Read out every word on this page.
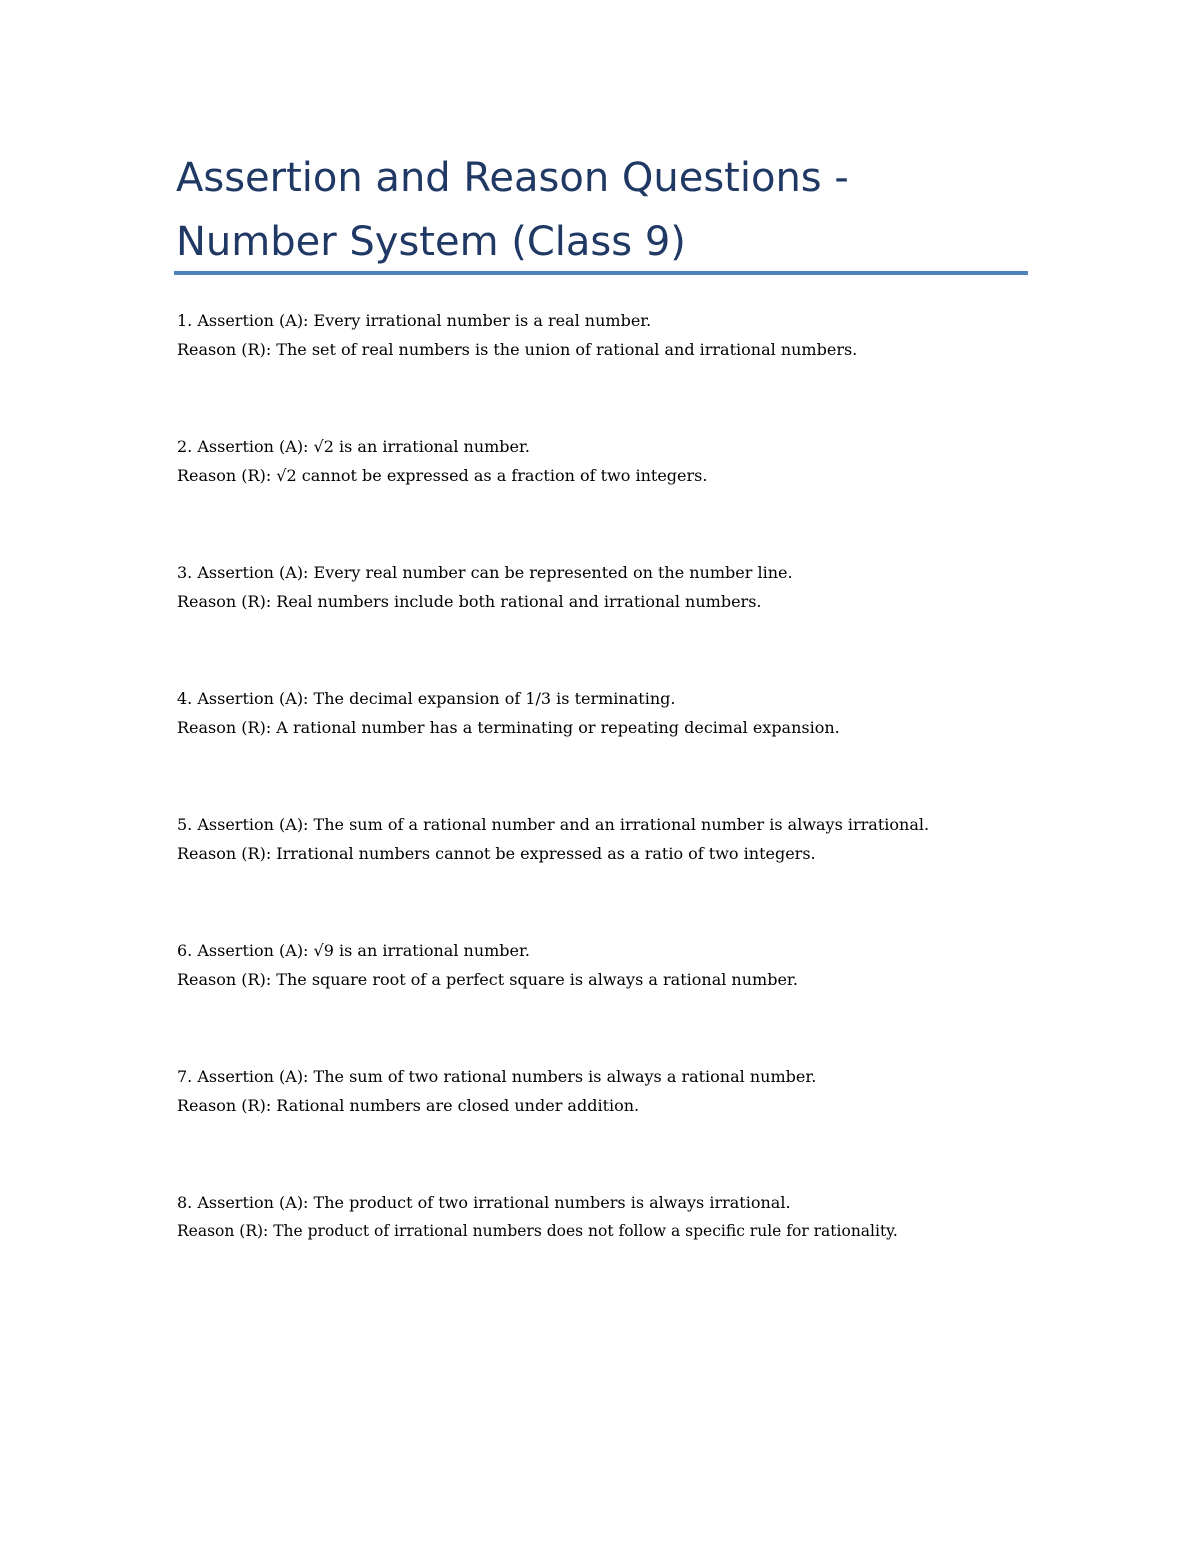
Assertion and Reason Questions -
Number System (Class 9)

1. Assertion (A): Every irrational number is a real number.

Reason (R): The set of real numbers is the union of rational and irrational numbers.

2. Assertion (A): √2 is an irrational number.

Reason (R): √2 cannot be expressed as a fraction of two integers.

3. Assertion (A): Every real number can be represented on the number line.

Reason (R): Real numbers include both rational and irrational numbers.

4. Assertion (A): The decimal expansion of 1/3 is terminating.

Reason (R): A rational number has a terminating or repeating decimal expansion.

5. Assertion (A): The sum of a rational number and an irrational number is always irrational.

Reason (R): Irrational numbers cannot be expressed as a ratio of two integers.

6. Assertion (A): √9 is an irrational number.

Reason (R): The square root of a perfect square is always a rational number.

7. Assertion (A): The sum of two rational numbers is always a rational number.

Reason (R): Rational numbers are closed under addition.

8. Assertion (A): The product of two irrational numbers is always irrational.

Reason (R): The product of irrational numbers does not follow a specific rule for rationality.
